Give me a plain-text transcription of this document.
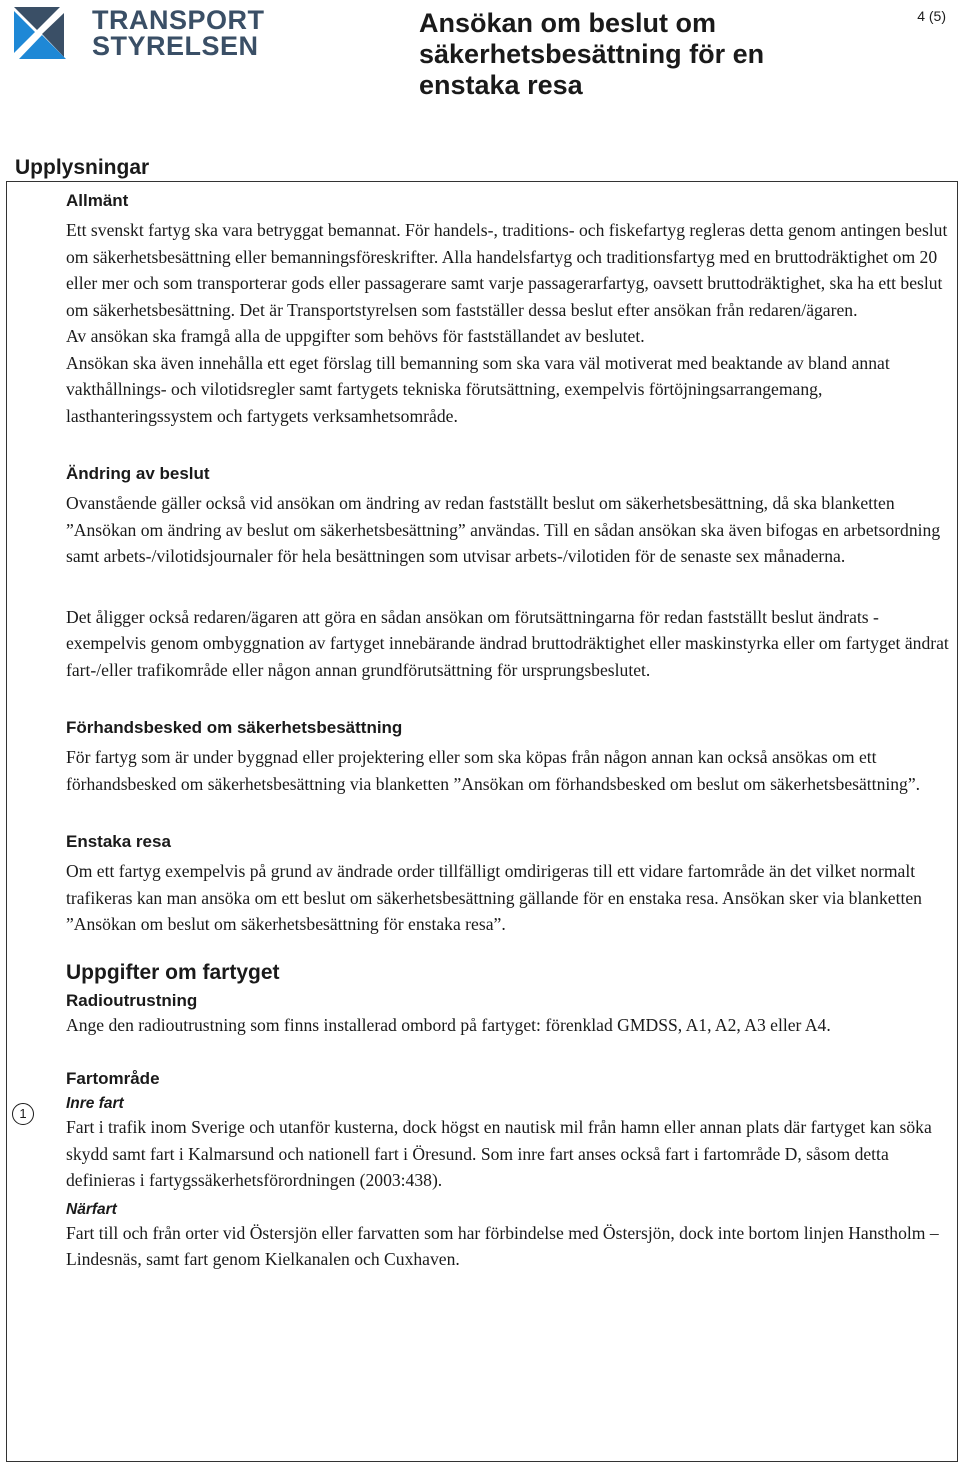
TRANSPORT
STYRELSEN
Ansökan om beslut om säkerhetsbesättning för en enstaka resa
4 (5)
Upplysningar
Allmänt

Ett svenskt fartyg ska vara betryggat bemannat. För handels-, traditions- och fiskefartyg regleras detta genom antingen beslut om säkerhetsbesättning eller bemanningsföreskrifter. Alla handelsfartyg och traditionsfartyg med en bruttodräktighet om 20 eller mer och som transporterar gods eller passagerare samt varje passagerarfartyg, oavsett bruttodräktighet, ska ha ett beslut om säkerhetsbesättning. Det är Transportstyrelsen som fastställer dessa beslut efter ansökan från redaren/ägaren.

Av ansökan ska framgå alla de uppgifter som behövs för fastställandet av beslutet.

Ansökan ska även innehålla ett eget förslag till bemanning som ska vara väl motiverat med beaktande av bland annat vakthållnings- och vilotidsregler samt fartygets tekniska förutsättning, exempelvis förtöjningsarrangemang, lasthanteringssystem och fartygets verksamhetsområde.

Ändring av beslut

Ovanstående gäller också vid ansökan om ändring av redan fastställt beslut om säkerhetsbesättning, då ska blanketten ”Ansökan om ändring av beslut om säkerhetsbesättning” användas. Till en sådan ansökan ska även bifogas en arbetsordning samt arbets-/vilotidsjournaler för hela besättningen som utvisar arbets-/vilotiden för de senaste sex månaderna.

Det åligger också redaren/ägaren att göra en sådan ansökan om förutsättningarna för redan fastställt beslut ändrats - exempelvis genom ombyggnation av fartyget innebärande ändrad bruttodräktighet eller maskinstyrka eller om fartyget ändrat fart-/eller trafikområde eller någon annan grundförutsättning för ursprungsbeslutet.

Förhandsbesked om säkerhetsbesättning

För fartyg som är under byggnad eller projektering eller som ska köpas från någon annan kan också ansökas om ett förhandsbesked om säkerhetsbesättning via blanketten ”Ansökan om förhandsbesked om beslut om säkerhetsbesättning”.

Enstaka resa

Om ett fartyg exempelvis på grund av ändrade order tillfälligt omdirigeras till ett vidare fartområde än det vilket normalt trafikeras kan man ansöka om ett beslut om säkerhetsbesättning gällande för en enstaka resa. Ansökan sker via blanketten ”Ansökan om beslut om säkerhetsbesättning för enstaka resa”.

Uppgifter om fartyget
Radioutrustning

Ange den radioutrustning som finns installerad ombord på fartyget: förenklad GMDSS, A1, A2, A3 eller A4.

Fartområde
Inre fart

Fart i trafik inom Sverige och utanför kusterna, dock högst en nautisk mil från hamn eller annan plats där fartyget kan söka skydd samt fart i Kalmarsund och nationell fart i Öresund. Som inre fart anses också fart i fartområde D, såsom detta definieras i fartygssäkerhetsförordningen (2003:438).

Närfart

Fart till och från orter vid Östersjön eller farvatten som har förbindelse med Östersjön, dock inte bortom linjen Hanstholm – Lindesnäs, samt fart genom Kielkanalen och Cuxhaven.

1
